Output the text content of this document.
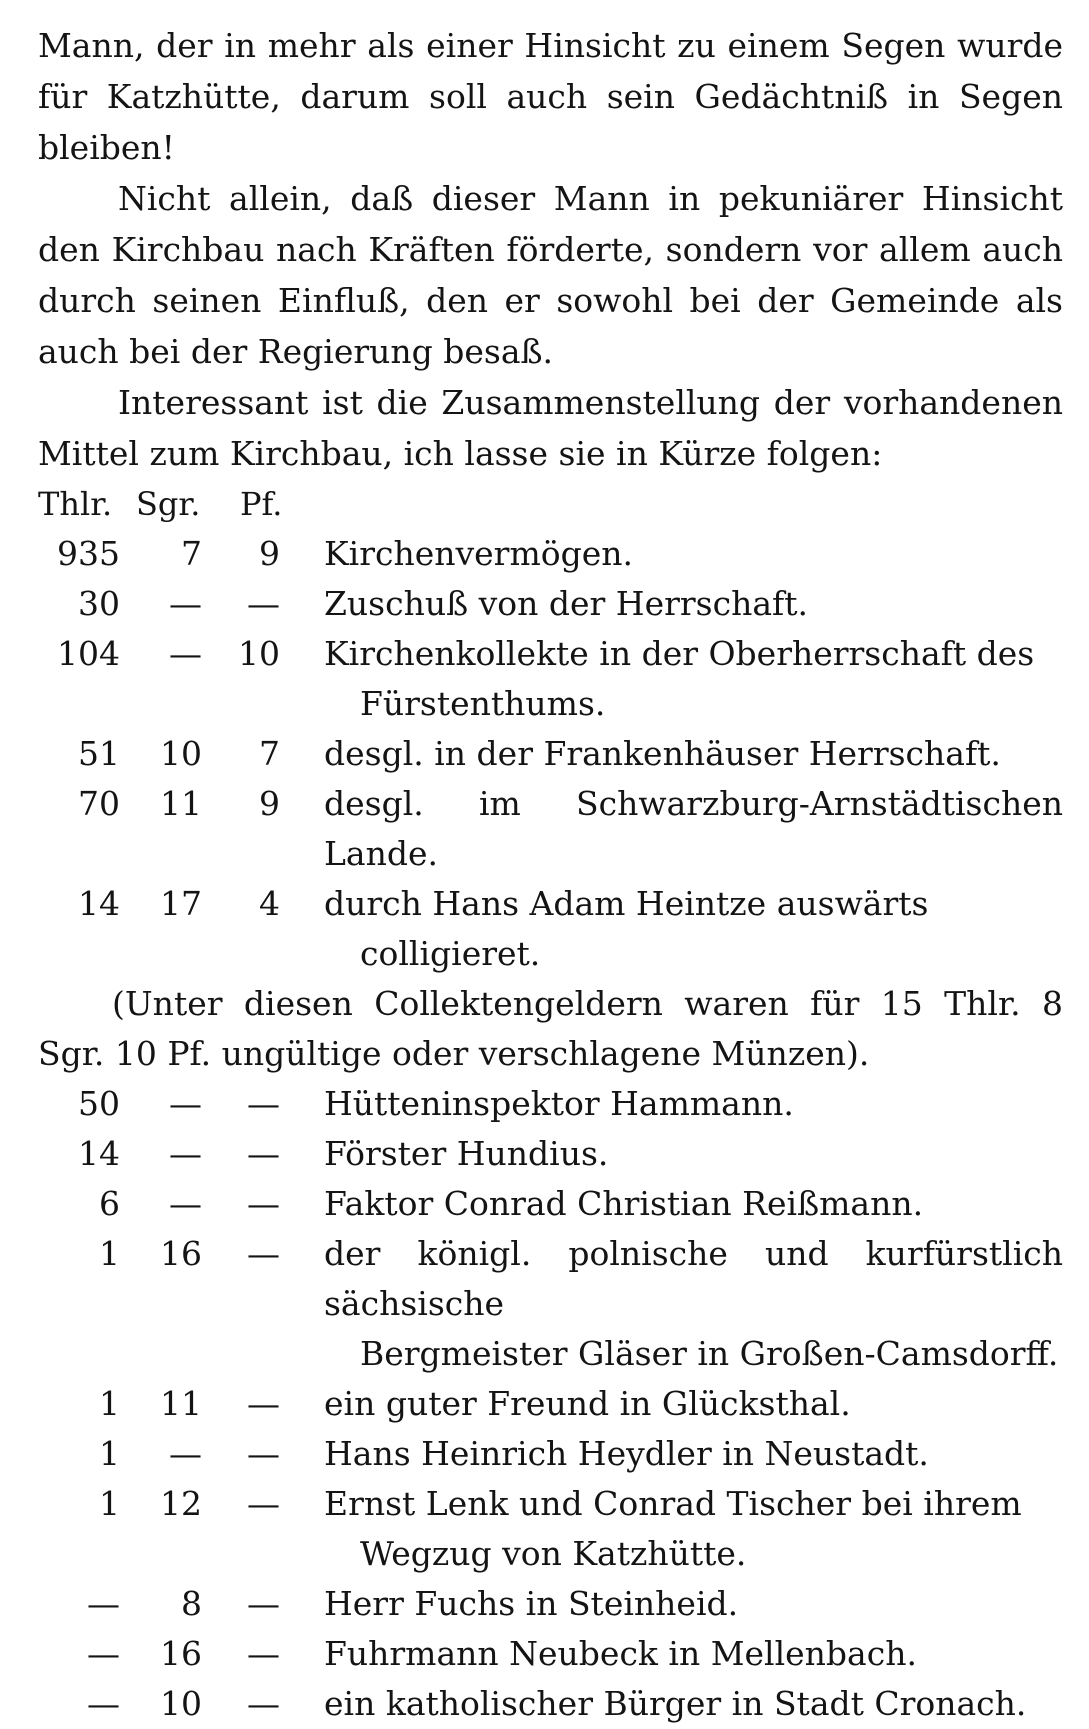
Mann, der in mehr als einer Hinsicht zu einem Segen wurde für Katzhütte, darum soll auch sein Gedächtniß in Segen bleiben!

Nicht allein, daß dieser Mann in pekuniärer Hinsicht den Kirchbau nach Kräften förderte, sondern vor allem auch durch seinen Einfluß, den er sowohl bei der Gemeinde als auch bei der Regierung besaß.

Interessant ist die Zusammenstellung der vorhandenen Mittel zum Kirchbau, ich lasse sie in Kürze folgen:

Thlr. Sgr.	Pf.
935	7	9 Kirchenvermögen.
30	—	— Zuschuß von der Herrschaft.
104	—	10 Kirchenkollekte in der Oberherrschaft des
Fürstenthums.
51	10	7 desgl. in der Frankenhäuser Herrschaft.
70	11	9 desgl. im Schwarzburg-Arnstädtischen Lande.
14	17	4 durch Hans Adam Heintze auswärts
colligieret.

(Unter diesen Collektengeldern waren für 15 Thlr. 8 Sgr. 10 Pf. ungültige oder verschlagene Münzen).

50	—	— Hütteninspektor Hammann.
14	—	— Förster Hundius.
6	—	— Faktor Conrad Christian Reißmann.
1	16	— der königl. polnische und kurfürstlich sächsische
Bergmeister Gläser in Großen-Camsdorff.
1	11	— ein guter Freund in Glücksthal.
1	—	— Hans Heinrich Heydler in Neustadt.
1	12	— Ernst Lenk und Conrad Tischer bei ihrem
Wegzug von Katzhütte.
—	8	— Herr Fuchs in Steinheid.
—	16	— Fuhrmann Neubeck in Mellenbach.
—	10	— ein katholischer Bürger in Stadt Cronach.
